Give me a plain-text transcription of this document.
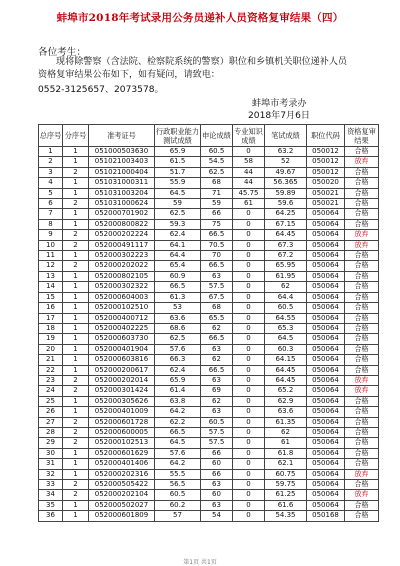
蚌埠市2018年考试录用公务员递补人员资格复审结果（四）
各位考生：
现将除警察（含法院、检察院系统的警察）职位和乡镇机关职位递补人员资格复审结果公布如下，如有疑问，请致电：
0552-3125657、2073578。
蚌埠市考录办
2018年7月6日
总序号	分序号	准考证号	行政职业能力测试成绩	申论成绩	专业知识成绩	笔试成绩	职位代码	资格复审结果
1	1	051000503630	65.9	60.5	0	63.2	050012	合格
2	1	051021003403	61.5	54.5	58	52	050012	放弃
3	2	051021000404	51.7	62.5	44	49.67	050012	合格
4	1	051031000311	55.9	68	44	56.365	050020	合格
5	1	051031003204	64.5	71	45.75	59.89	050021	合格
6	2	051031000624	59	59	61	59.6	050021	合格
7	1	052000701902	62.5	66	0	64.25	050064	合格
8	1	052000800822	59.3	75	0	67.15	050064	合格
9	2	052000202224	62.4	66.5	0	64.45	050064	放弃
10	2	052000491117	64.1	70.5	0	67.3	050064	放弃
11	1	052000302223	64.4	70	0	67.2	050064	合格
12	2	052000202022	65.4	66.5	0	65.95	050064	合格
13	1	052000802105	60.9	63	0	61.95	050064	合格
14	1	052000302322	66.5	57.5	0	62	050064	合格
15	1	052000604003	61.3	67.5	0	64.4	050064	合格
16	1	052000102510	53	68	0	60.5	050064	合格
17	1	052000400712	63.6	65.5	0	64.55	050064	合格
18	1	052000402225	68.6	62	0	65.3	050064	合格
19	1	052000603730	62.5	66.5	0	64.5	050064	合格
20	1	052000401904	57.6	63	0	60.3	050064	合格
21	1	052000603816	66.3	62	0	64.15	050064	合格
22	1	052000200617	62.4	66.5	0	64.45	050064	合格
23	2	052000202014	65.9	63	0	64.45	050064	放弃
24	2	052000301424	61.4	69	0	65.2	050064	放弃
25	1	052000305626	63.8	62	0	62.9	050064	合格
26	1	052000401009	64.2	63	0	63.6	050064	合格
27	2	052000601728	62.2	60.5	0	61.35	050064	合格
28	2	052000600005	66.5	57.5	0	62	050064	合格
29	2	052000102513	64.5	57.5	0	61	050064	合格
30	1	052000601629	57.6	66	0	61.8	050064	合格
31	1	052000401406	64.2	60	0	62.1	050064	合格
32	1	052000202316	55.5	66	0	60.75	050064	放弃
33	2	052000505422	56.5	63	0	59.75	050064	合格
34	2	052000202104	60.5	60	0	61.25	050064	放弃
35	1	052000502027	60.2	63	0	61.6	050064	合格
36	1	052000601809	57	54	0	54.35	050168	合格
第1页 共1页
